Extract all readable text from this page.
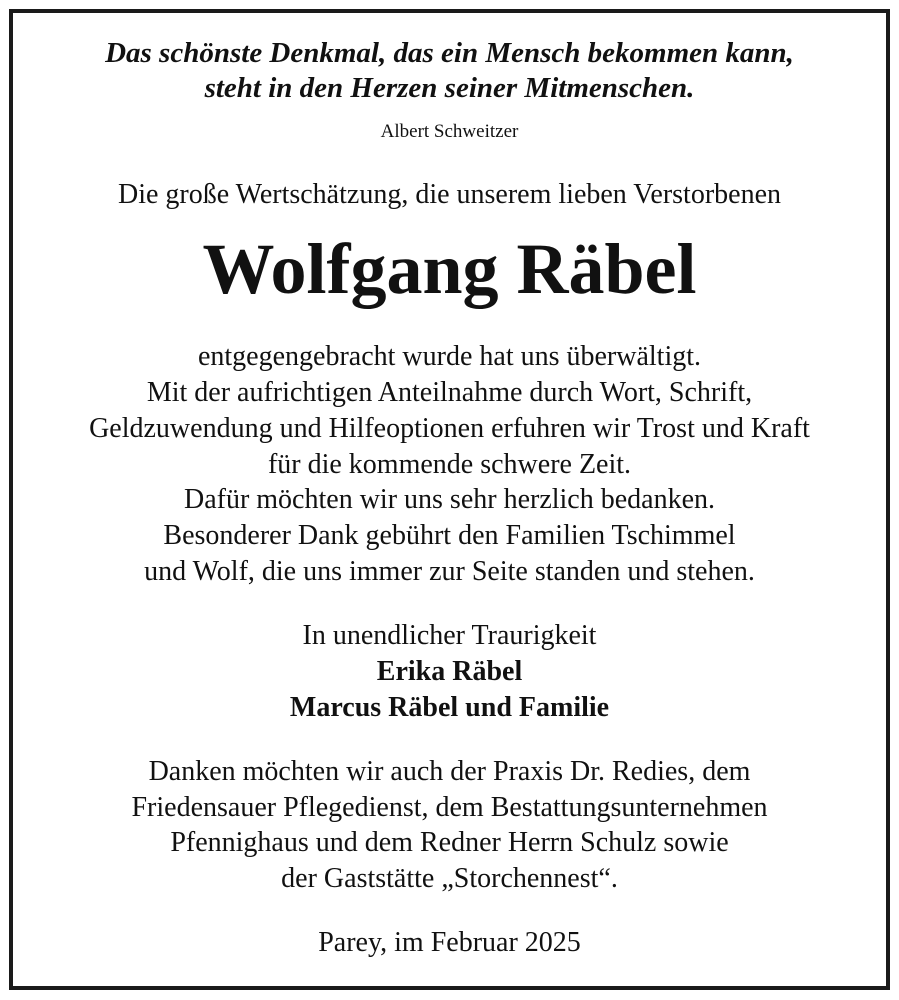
Das schönste Denkmal, das ein Mensch bekommen kann,
steht in den Herzen seiner Mitmenschen.
Albert Schweitzer
Die große Wertschätzung, die unserem lieben Verstorbenen
Wolfgang Räbel
entgegengebracht wurde hat uns überwältigt.
Mit der aufrichtigen Anteilnahme durch Wort, Schrift,
Geldzuwendung und Hilfeoptionen erfuhren wir Trost und Kraft
für die kommende schwere Zeit.
Dafür möchten wir uns sehr herzlich bedanken.
Besonderer Dank gebührt den Familien Tschimmel
und Wolf, die uns immer zur Seite standen und stehen.
In unendlicher Traurigkeit
Erika Räbel
Marcus Räbel und Familie
Danken möchten wir auch der Praxis Dr. Redies, dem
Friedensauer Pflegedienst, dem Bestattungsunternehmen
Pfennighaus und dem Redner Herrn Schulz sowie
der Gaststätte „Storchennest“.
Parey, im Februar 2025
